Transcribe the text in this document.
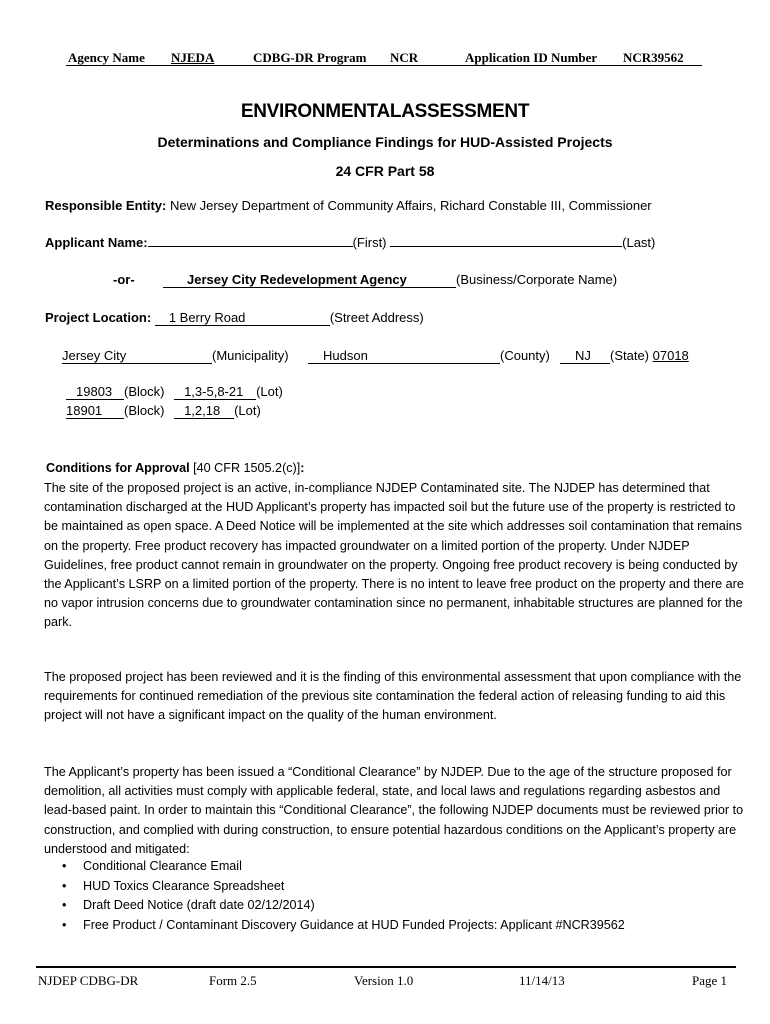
Agency Name NJEDA	CDBG-DR Program NCR	Application ID Number NCR39562
ENVIRONMENTALASSESSMENT
Determinations and Compliance Findings for HUD-Assisted Projects
24 CFR Part 58
Responsible Entity: New Jersey Department of Community Affairs, Richard Constable III, Commissioner
Applicant Name:	(First)	(Last)
-or-	Jersey City Redevelopment Agency	(Business/Corporate Name)
Project Location: 1 Berry Road	(Street Address)
Jersey City	(Municipality)	Hudson	(County)	NJ (State) 07018
19803 (Block) 1,3-5,8-21 (Lot)
18901 (Block) 1,2,18 (Lot)
Conditions for Approval [40 CFR 1505.2(c)]:

The site of the proposed project is an active, in-compliance NJDEP Contaminated site. The NJDEP has determined that contamination discharged at the HUD Applicant’s property has impacted soil but the future use of the property is restricted to be maintained as open space. A Deed Notice will be implemented at the site which addresses soil contamination that remains on the property. Free product recovery has impacted groundwater on a limited portion of the property. Under NJDEP Guidelines, free product cannot remain in groundwater on the property. Ongoing free product recovery is being conducted by the Applicant’s LSRP on a limited portion of the property. There is no intent to leave free product on the property and there are no vapor intrusion concerns due to groundwater contamination since no permanent, inhabitable structures are planned for the park.

The proposed project has been reviewed and it is the finding of this environmental assessment that upon compliance with the requirements for continued remediation of the previous site contamination the federal action of releasing funding to aid this project will not have a significant impact on the quality of the human environment.

The Applicant’s property has been issued a “Conditional Clearance” by NJDEP. Due to the age of the structure proposed for demolition, all activities must comply with applicable federal, state, and local laws and regulations regarding asbestos and lead-based paint. In order to maintain this “Conditional Clearance”, the following NJDEP documents must be reviewed prior to construction, and complied with during construction, to ensure potential hazardous conditions on the Applicant’s property are understood and mitigated:

• Conditional Clearance Email
• HUD Toxics Clearance Spreadsheet
• Draft Deed Notice (draft date 02/12/2014)
• Free Product / Contaminant Discovery Guidance at HUD Funded Projects: Applicant #NCR39562
NJDEP CDBG-DR	Form 2.5	Version 1.0	11/14/13	Page 1
